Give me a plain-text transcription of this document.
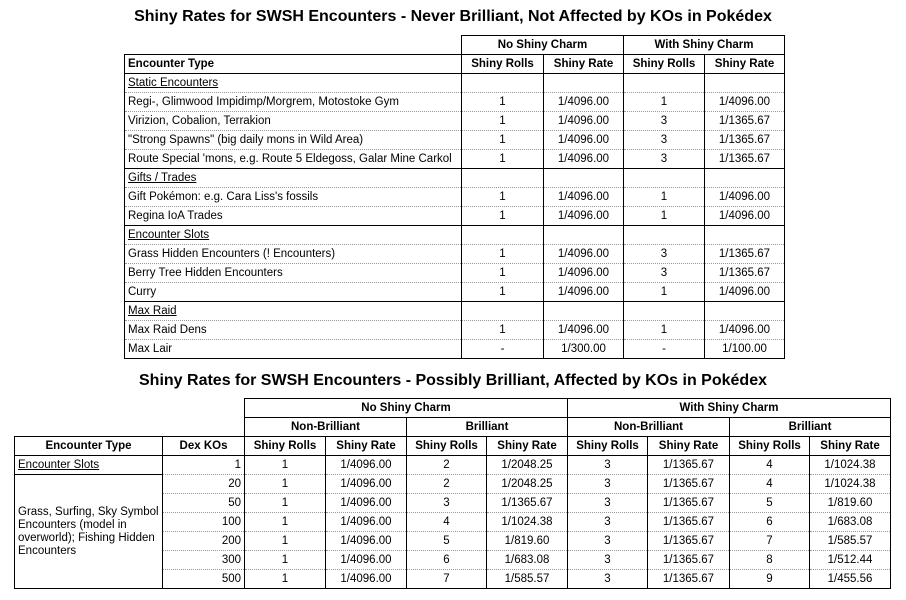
Shiny Rates for SWSH Encounters - Never Brilliant, Not Affected by KOs in Pokédex
	No Shiny Charm		With Shiny Charm	
Encounter Type	Shiny Rolls	Shiny Rate	Shiny Rolls	Shiny Rate
Static Encounters				
Regi-, Glimwood Impidimp/Morgrem, Motostoke Gym	1	1/4096.00	1	1/4096.00
Virizion, Cobalion, Terrakion	1	1/4096.00	3	1/1365.67
"Strong Spawns" (big daily mons in Wild Area)	1	1/4096.00	3	1/1365.67
Route Special 'mons, e.g. Route 5 Eldegoss, Galar Mine Carkol	1	1/4096.00	3	1/1365.67
Gifts / Trades				
Gift Pokémon: e.g. Cara Liss's fossils	1	1/4096.00	1	1/4096.00
Regina IoA Trades	1	1/4096.00	1	1/4096.00
Encounter Slots				
Grass Hidden Encounters (! Encounters)	1	1/4096.00	3	1/1365.67
Berry Tree Hidden Encounters	1	1/4096.00	3	1/1365.67
Curry	1	1/4096.00	1	1/4096.00
Max Raid				
Max Raid Dens	1	1/4096.00	1	1/4096.00
Max Lair	-	1/300.00	-	1/100.00
Shiny Rates for SWSH Encounters - Possibly Brilliant, Affected by KOs in Pokédex
		No Shiny Charm				With Shiny Charm			
		Non-Brilliant		Brilliant		Non-Brilliant		Brilliant	
Encounter Type	Dex KOs	Shiny Rolls	Shiny Rate	Shiny Rolls	Shiny Rate	Shiny Rolls	Shiny Rate	Shiny Rolls	Shiny Rate
Encounter Slots	1	1	1/4096.00	2	1/2048.25	3	1/1365.67	4	1/1024.38
Grass, Surfing, Sky Symbol Encounters (model in overworld); Fishing Hidden Encounters	20	1	1/4096.00	2	1/2048.25	3	1/1365.67	4	1/1024.38
	50	1	1/4096.00	3	1/1365.67	3	1/1365.67	5	1/819.60
	100	1	1/4096.00	4	1/1024.38	3	1/1365.67	6	1/683.08
	200	1	1/4096.00	5	1/819.60	3	1/1365.67	7	1/585.57
	300	1	1/4096.00	6	1/683.08	3	1/1365.67	8	1/512.44
	500	1	1/4096.00	7	1/585.57	3	1/1365.67	9	1/455.56
